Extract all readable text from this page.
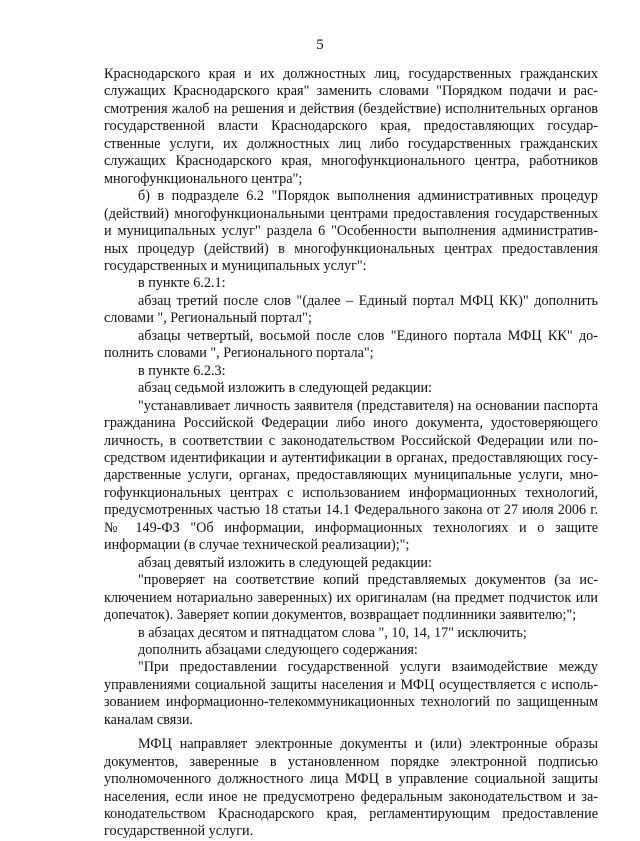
5

Краснодарского края и их должностных лиц, государственных гражданских служащих Краснодарского края" заменить словами "Порядком подачи и рассмотрения жалоб на решения и действия (бездействие) исполнительных органов государственной власти Краснодарского края, предоставляющих государственные услуги, их должностных лиц либо государственных гражданских служащих Краснодарского края, многофункционального центра, работников многофункционального центра";

б) в подразделе 6.2 "Порядок выполнения административных процедур (действий) многофункциональными центрами предоставления государственных и муниципальных услуг" раздела 6 "Особенности выполнения административных процедур (действий) в многофункциональных центрах предоставления государственных и муниципальных услуг":

в пункте 6.2.1:

абзац третий после слов "(далее – Единый портал МФЦ КК)" дополнить словами ", Региональный портал";

абзацы четвертый, восьмой после слов "Единого портала МФЦ КК" дополнить словами ", Регионального портала";

в пункте 6.2.3:

абзац седьмой изложить в следующей редакции:

"устанавливает личность заявителя (представителя) на основании паспорта гражданина Российской Федерации либо иного документа, удостоверяющего личность, в соответствии с законодательством Российской Федерации или посредством идентификации и аутентификации в органах, предоставляющих государственные услуги, органах, предоставляющих муниципальные услуги, многофункциональных центрах с использованием информационных технологий, предусмотренных частью 18 статьи 14.1 Федерального закона от 27 июля 2006 г. № 149-ФЗ "Об информации, информационных технологиях и о защите информации (в случае технической реализации);";

абзац девятый изложить в следующей редакции:

"проверяет на соответствие копий представляемых документов (за исключением нотариально заверенных) их оригиналам (на предмет подчисток или допечаток). Заверяет копии документов, возвращает подлинники заявителю;";

в абзацах десятом и пятнадцатом слова ", 10, 14, 17" исключить;

дополнить абзацами следующего содержания:

"При предоставлении государственной услуги взаимодействие между управлениями социальной защиты населения и МФЦ осуществляется с использованием информационно-телекоммуникационных технологий по защищенным каналам связи.

МФЦ направляет электронные документы и (или) электронные образы документов, заверенные в установленном порядке электронной подписью уполномоченного должностного лица МФЦ в управление социальной защиты населения, если иное не предусмотрено федеральным законодательством и законодательством Краснодарского края, регламентирующим предоставление государственной услуги.
